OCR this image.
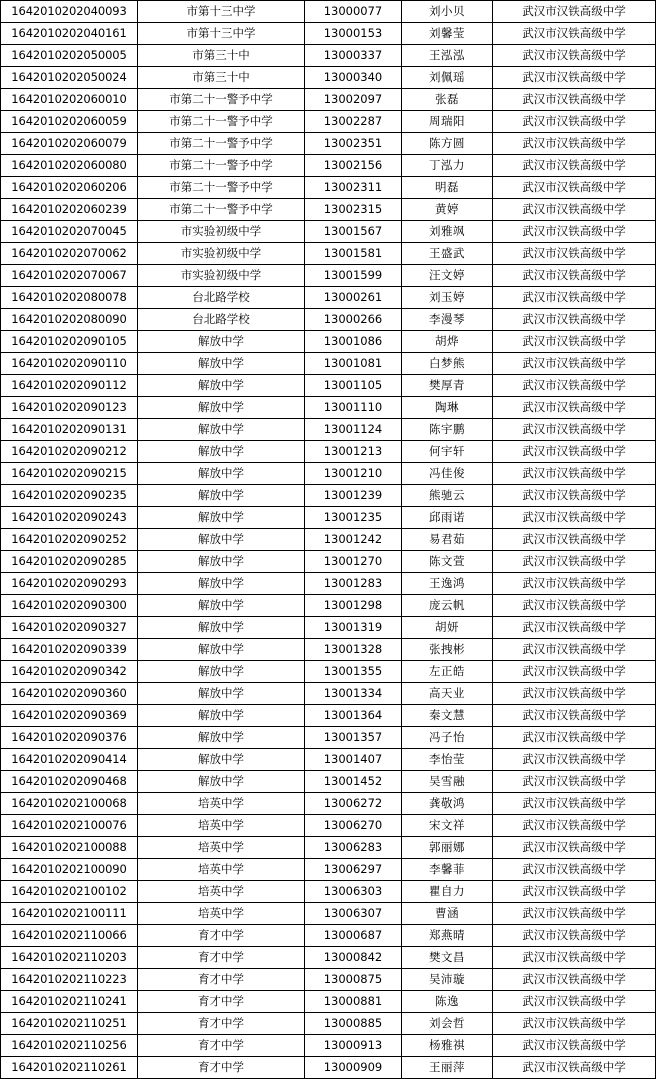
1642010202040093	市第十三中学	13000077	刘小贝	武汉市汉铁高级中学
1642010202040161	市第十三中学	13000153	刘馨莹	武汉市汉铁高级中学
1642010202050005	市第三十中	13000337	王泓泓	武汉市汉铁高级中学
1642010202050024	市第三十中	13000340	刘佩瑶	武汉市汉铁高级中学
1642010202060010	市第二十一警予中学	13002097	张磊	武汉市汉铁高级中学
1642010202060059	市第二十一警予中学	13002287	周瑞阳	武汉市汉铁高级中学
1642010202060079	市第二十一警予中学	13002351	陈方圆	武汉市汉铁高级中学
1642010202060080	市第二十一警予中学	13002156	丁泓力	武汉市汉铁高级中学
1642010202060206	市第二十一警予中学	13002311	明磊	武汉市汉铁高级中学
1642010202060239	市第二十一警予中学	13002315	黄婷	武汉市汉铁高级中学
1642010202070045	市实验初级中学	13001567	刘雅飒	武汉市汉铁高级中学
1642010202070062	市实验初级中学	13001581	王盛武	武汉市汉铁高级中学
1642010202070067	市实验初级中学	13001599	汪文婷	武汉市汉铁高级中学
1642010202080078	台北路学校	13000261	刘玉婷	武汉市汉铁高级中学
1642010202080090	台北路学校	13000266	李漫琴	武汉市汉铁高级中学
1642010202090105	解放中学	13001086	胡烨	武汉市汉铁高级中学
1642010202090110	解放中学	13001081	白梦熊	武汉市汉铁高级中学
1642010202090112	解放中学	13001105	樊厚青	武汉市汉铁高级中学
1642010202090123	解放中学	13001110	陶琳	武汉市汉铁高级中学
1642010202090131	解放中学	13001124	陈宇鹏	武汉市汉铁高级中学
1642010202090212	解放中学	13001213	何宇轩	武汉市汉铁高级中学
1642010202090215	解放中学	13001210	冯佳俊	武汉市汉铁高级中学
1642010202090235	解放中学	13001239	熊驰云	武汉市汉铁高级中学
1642010202090243	解放中学	13001235	邱雨诺	武汉市汉铁高级中学
1642010202090252	解放中学	13001242	易君茹	武汉市汉铁高级中学
1642010202090285	解放中学	13001270	陈文萱	武汉市汉铁高级中学
1642010202090293	解放中学	13001283	王逸鸿	武汉市汉铁高级中学
1642010202090300	解放中学	13001298	庞云帆	武汉市汉铁高级中学
1642010202090327	解放中学	13001319	胡妍	武汉市汉铁高级中学
1642010202090339	解放中学	13001328	张拽彬	武汉市汉铁高级中学
1642010202090342	解放中学	13001355	左正皓	武汉市汉铁高级中学
1642010202090360	解放中学	13001334	高天业	武汉市汉铁高级中学
1642010202090369	解放中学	13001364	秦文慧	武汉市汉铁高级中学
1642010202090376	解放中学	13001357	冯子怡	武汉市汉铁高级中学
1642010202090414	解放中学	13001407	李怡莹	武汉市汉铁高级中学
1642010202090468	解放中学	13001452	吴雪融	武汉市汉铁高级中学
1642010202100068	培英中学	13006272	龚敬鸿	武汉市汉铁高级中学
1642010202100076	培英中学	13006270	宋文祥	武汉市汉铁高级中学
1642010202100088	培英中学	13006283	郭丽娜	武汉市汉铁高级中学
1642010202100090	培英中学	13006297	李馨菲	武汉市汉铁高级中学
1642010202100102	培英中学	13006303	瞿自力	武汉市汉铁高级中学
1642010202100111	培英中学	13006307	曹涵	武汉市汉铁高级中学
1642010202110066	育才中学	13000687	郑燕晴	武汉市汉铁高级中学
1642010202110203	育才中学	13000842	樊文昌	武汉市汉铁高级中学
1642010202110223	育才中学	13000875	吴沛璇	武汉市汉铁高级中学
1642010202110241	育才中学	13000881	陈逸	武汉市汉铁高级中学
1642010202110251	育才中学	13000885	刘会哲	武汉市汉铁高级中学
1642010202110256	育才中学	13000913	杨雅祺	武汉市汉铁高级中学
1642010202110261	育才中学	13000909	王丽萍	武汉市汉铁高级中学
